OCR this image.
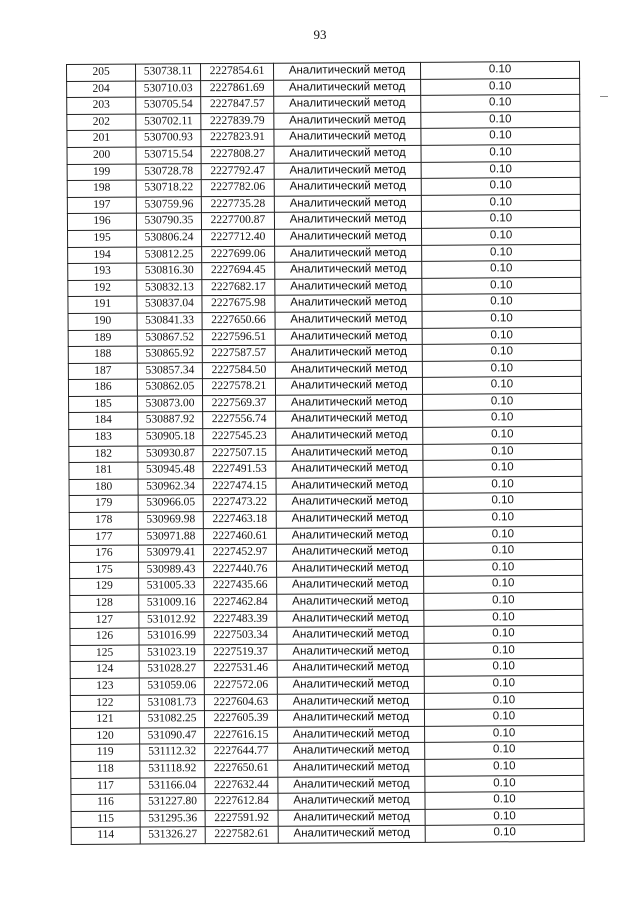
93
205	530738.11	2227854.61	Аналитический метод	0.10
204	530710.03	2227861.69	Аналитический метод	0.10
203	530705.54	2227847.57	Аналитический метод	0.10
202	530702.11	2227839.79	Аналитический метод	0.10
201	530700.93	2227823.91	Аналитический метод	0.10
200	530715.54	2227808.27	Аналитический метод	0.10
199	530728.78	2227792.47	Аналитический метод	0.10
198	530718.22	2227782.06	Аналитический метод	0.10
197	530759.96	2227735.28	Аналитический метод	0.10
196	530790.35	2227700.87	Аналитический метод	0.10
195	530806.24	2227712.40	Аналитический метод	0.10
194	530812.25	2227699.06	Аналитический метод	0.10
193	530816.30	2227694.45	Аналитический метод	0.10
192	530832.13	2227682.17	Аналитический метод	0.10
191	530837.04	2227675.98	Аналитический метод	0.10
190	530841.33	2227650.66	Аналитический метод	0.10
189	530867.52	2227596.51	Аналитический метод	0.10
188	530865.92	2227587.57	Аналитический метод	0.10
187	530857.34	2227584.50	Аналитический метод	0.10
186	530862.05	2227578.21	Аналитический метод	0.10
185	530873.00	2227569.37	Аналитический метод	0.10
184	530887.92	2227556.74	Аналитический метод	0.10
183	530905.18	2227545.23	Аналитический метод	0.10
182	530930.87	2227507.15	Аналитический метод	0.10
181	530945.48	2227491.53	Аналитический метод	0.10
180	530962.34	2227474.15	Аналитический метод	0.10
179	530966.05	2227473.22	Аналитический метод	0.10
178	530969.98	2227463.18	Аналитический метод	0.10
177	530971.88	2227460.61	Аналитический метод	0.10
176	530979.41	2227452.97	Аналитический метод	0.10
175	530989.43	2227440.76	Аналитический метод	0.10
129	531005.33	2227435.66	Аналитический метод	0.10
128	531009.16	2227462.84	Аналитический метод	0.10
127	531012.92	2227483.39	Аналитический метод	0.10
126	531016.99	2227503.34	Аналитический метод	0.10
125	531023.19	2227519.37	Аналитический метод	0.10
124	531028.27	2227531.46	Аналитический метод	0.10
123	531059.06	2227572.06	Аналитический метод	0.10
122	531081.73	2227604.63	Аналитический метод	0.10
121	531082.25	2227605.39	Аналитический метод	0.10
120	531090.47	2227616.15	Аналитический метод	0.10
119	531112.32	2227644.77	Аналитический метод	0.10
118	531118.92	2227650.61	Аналитический метод	0.10
117	531166.04	2227632.44	Аналитический метод	0.10
116	531227.80	2227612.84	Аналитический метод	0.10
115	531295.36	2227591.92	Аналитический метод	0.10
114	531326.27	2227582.61	Аналитический метод	0.10
